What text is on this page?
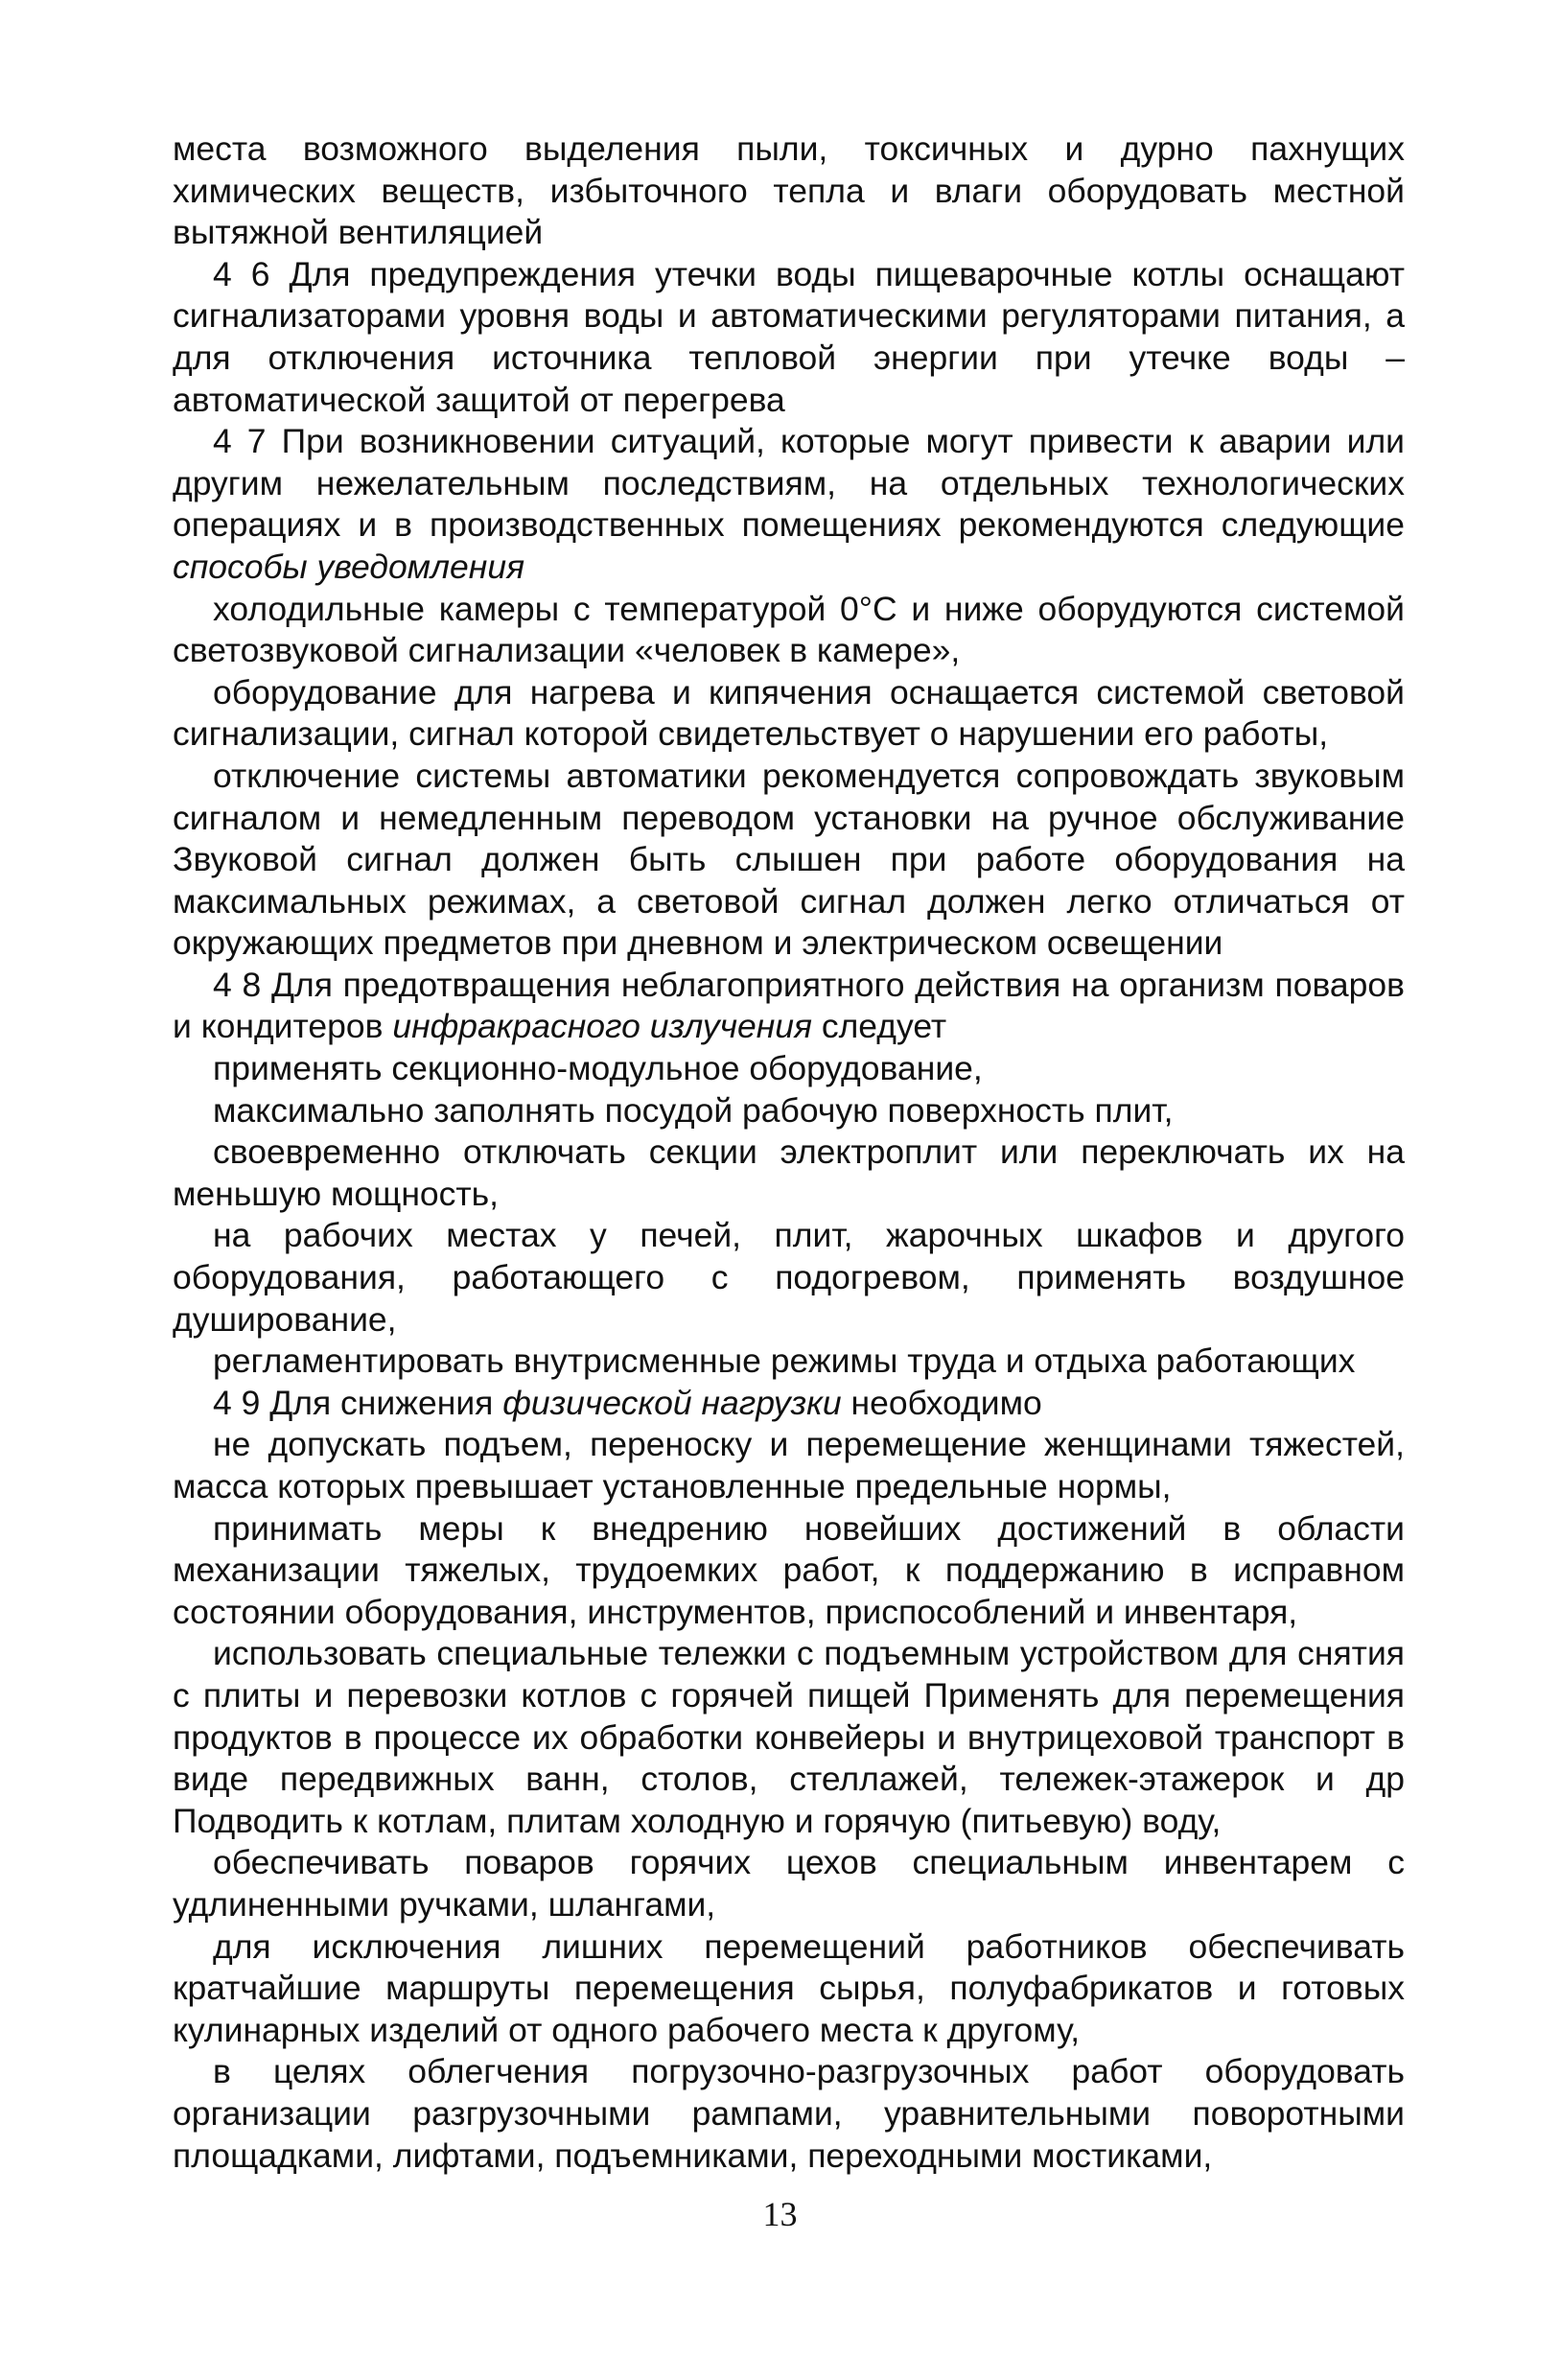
места возможного выделения пыли, токсичных и дурно пахнущих химических веществ, избыточного тепла и влаги оборудовать местной вытяжной вентиляцией

4 6 Для предупреждения утечки воды пищеварочные котлы оснащают сигнализаторами уровня воды и автоматическими регуляторами питания, а для отключения источника тепловой энергии при утечке воды – автоматической защитой от перегрева

4 7 При возникновении ситуаций, которые могут привести к аварии или другим нежелательным последствиям, на отдельных технологических операциях и в производственных помещениях рекомендуются следующие способы уведомления

холодильные камеры с температурой 0°С и ниже оборудуются системой светозвуковой сигнализации «человек в камере»,

оборудование для нагрева и кипячения оснащается системой световой сигнализации, сигнал которой свидетельствует о нарушении его работы,

отключение системы автоматики рекомендуется сопровождать звуковым сигналом и немедленным переводом установки на ручное обслуживание Звуковой сигнал должен быть слышен при работе оборудования на максимальных режимах, а световой сигнал должен легко отличаться от окружающих предметов при дневном и электрическом освещении

4 8 Для предотвращения неблагоприятного действия на организм поваров и кондитеров инфракрасного излучения следует

применять секционно-модульное оборудование,

максимально заполнять посудой рабочую поверхность плит,

своевременно отключать секции электроплит или переключать их на меньшую мощность,

на рабочих местах у печей, плит, жарочных шкафов и другого оборудования, работающего с подогревом, применять воздушное душирование,

регламентировать внутрисменные режимы труда и отдыха работающих

4 9 Для снижения физической нагрузки необходимо

не допускать подъем, переноску и перемещение женщинами тяжестей, масса которых превышает установленные предельные нормы,

принимать меры к внедрению новейших достижений в области механизации тяжелых, трудоемких работ, к поддержанию в исправном состоянии оборудования, инструментов, приспособлений и инвентаря,

использовать специальные тележки с подъемным устройством для снятия с плиты и перевозки котлов с горячей пищей Применять для перемещения продуктов в процессе их обработки конвейеры и внутрицеховой транспорт в виде передвижных ванн, столов, стеллажей, тележек-этажерок и др Подводить к котлам, плитам холодную и горячую (питьевую) воду,

обеспечивать поваров горячих цехов специальным инвентарем с удлиненными ручками, шлангами,

для исключения лишних перемещений работников обеспечивать кратчайшие маршруты перемещения сырья, полуфабрикатов и готовых кулинарных изделий от одного рабочего места к другому,

в целях облегчения погрузочно-разгрузочных работ оборудовать организации разгрузочными рампами, уравнительными поворотными площадками, лифтами, подъемниками, переходными мостиками,

13
